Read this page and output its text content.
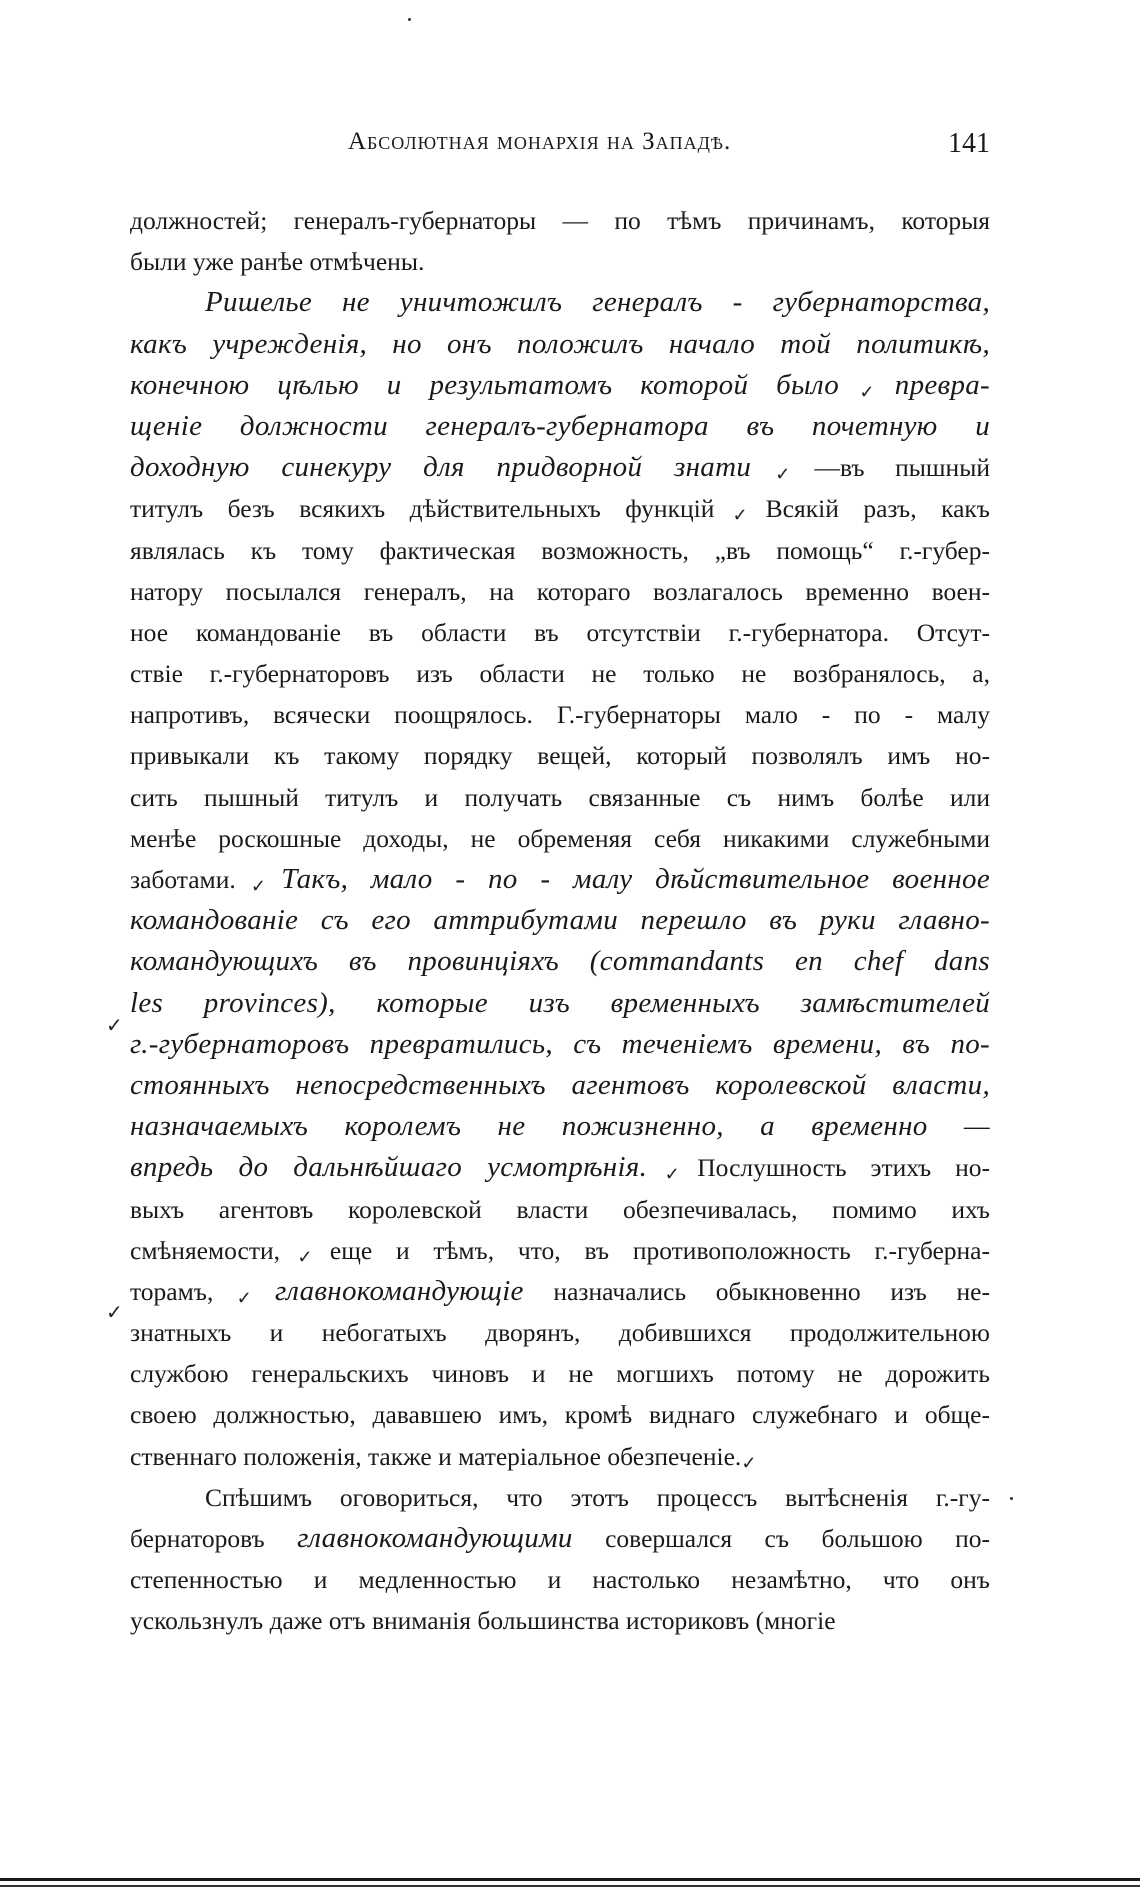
Абсолютная монархія на Западѣ.	141

должностей; генералъ-губернаторы — по тѣмъ причинамъ, которыя
были уже ранѣе отмѣчены.

Ришелье не уничтожилъ генералъ - губернаторства,
какъ учрежденія, но онъ положилъ начало той политикѣ,
конечною цѣлью и результатомъ которой было✓превра-
щеніе должности генералъ-губернатора въ почетную и
доходную синекуру для придворной знати✓—въ пышный
титулъ безъ всякихъ дѣйствительныхъ функцій✓Всякій разъ, какъ
являлась къ тому фактическая возможность, „въ помощь“ г.-губер-
натору посылался генералъ, на котораго возлагалось временно воен-
ное командованіе въ области въ отсутствіи г.-губернатора. Отсут-
ствіе г.-губернаторовъ изъ области не только не возбранялось, а,
напротивъ, всячески поощрялось. Г.-губернаторы мало - по - малу
привыкали къ такому порядку вещей, который позволялъ имъ но-
сить пышный титулъ и получать связанные съ нимъ болѣе или
менѣе роскошные доходы, не обременяя себя никакими служебными
заботами.✓Такъ, мало - по - малу дѣйствительное военное
командованіе съ его аттрибутами перешло въ руки главно-
командующихъ въ провинціяхъ (commandants en chef dans
les provinces), которые изъ временныхъ замѣстителей
г.-губернаторовъ превратились, съ теченіемъ времени, въ по-
стоянныхъ непосредственныхъ агентовъ королевской власти,
назначаемыхъ королемъ не пожизненно, а временно —
впредь до дальнѣйшаго усмотрѣнія.✓Послушность этихъ но-
выхъ агентовъ королевской власти обезпечивалась, помимо ихъ
смѣняемости,✓еще и тѣмъ, что, въ противоположность г.-губерна-
торамъ,✓главнокомандующіе назначались обыкновенно изъ не-
знатныхъ и небогатыхъ дворянъ, добившихся продолжительною
службою генеральскихъ чиновъ и не могшихъ потому не дорожить
своею должностью, дававшею имъ, кромѣ виднаго служебнаго и обще-
ственнаго положенія, также и матеріальное обезпеченіе.✓

Спѣшимъ оговориться, что этотъ процессъ вытѣсненія г.-гу-
бернаторовъ главнокомандующими совершался съ большою по-
степенностью и медленностью и настолько незамѣтно, что онъ
ускользнулъ даже отъ вниманія большинства историковъ (многіе

✓
✓
